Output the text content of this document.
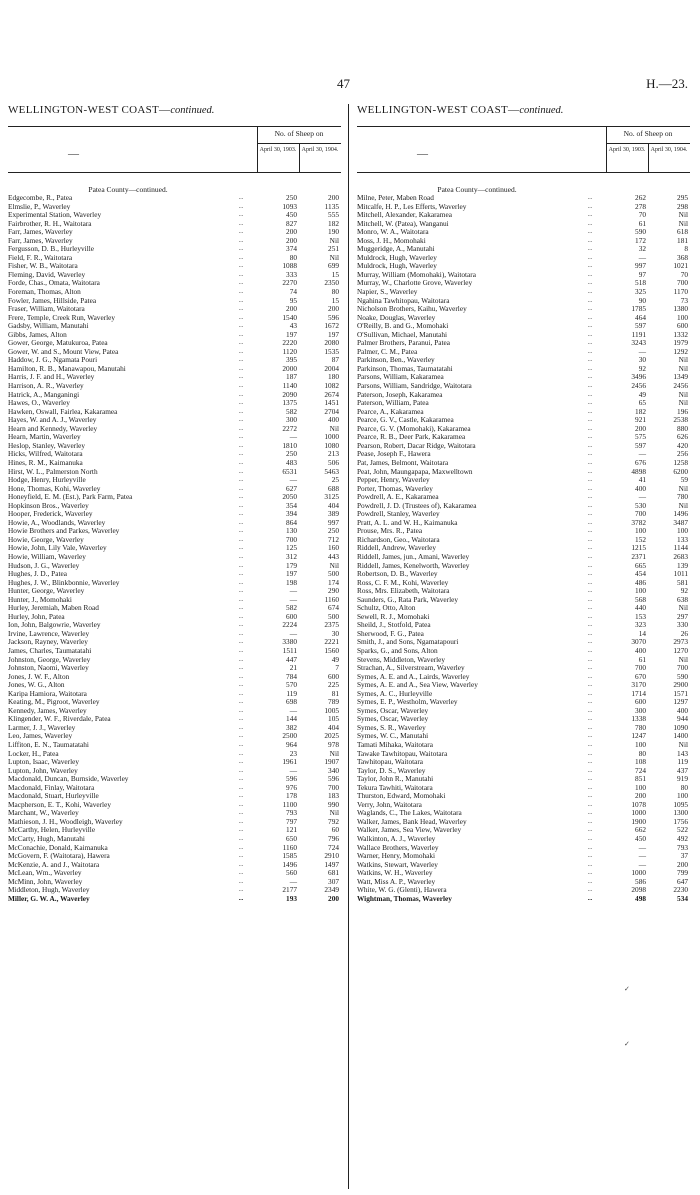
47	H.—23.
WELLINGTON-WEST COAST—continued.
—
No. of Sheep on
April 30, 1903. April 30, 1904.
Patea County—continued.
Edgecombe, R., Patea	...	250	200
Elmslie, P., Waverley	...	1093	1135
Experimental Station, Waverley	...	450	555
Fairbrother, R. H., Waitotara	...	827	182
Farr, James, Waverley	...	200	190
Farr, James, Waverley	...	200	Nil
Fergusson, D. B., Hurleyville	...	374	251
Field, F. R., Waitotara	...	80	Nil
Fisher, W. B., Waitotara	...	1088	699
Fleming, David, Waverley	...	333	15
Forde, Chas., Omata, Waitotara	...	2270	2350
Foreman, Thomas, Alton	...	74	80
Fowler, James, Hillside, Patea	...	95	15
Fraser, William, Waitotara	...	200	200
Frere, Temple, Creek Run, Waverley	...	1540	596
Gadsby, William, Manutahi	...	43	1672
Gibbs, James, Alton	...	197	197
Gower, George, Matukuroa, Patea	...	2220	2080
Gower, W. and S., Mount View, Patea	...	1120	1535
Haddow, J. G., Ngamata Pouri	...	395	87
Hamilton, R. B., Manawapou, Manutahi	...	2000	2004
Harris, J. F. and H., Waverley	...	187	180
Harrison, A. R., Waverley	...	1140	1082
Hatrick, A., Manganingi	...	2090	2674
Hawes, O., Waverley	...	1375	1451
Hawken, Oswall, Fairlea, Kakaramea	...	582	2704
Hayes, W. and A. J., Waverley	...	300	400
Hearn and Kennedy, Waverley	...	2272	Nil
Hearn, Martin, Waverley	...	—	1000
Heslop, Stanley, Waverley	...	1810	1080
Hicks, Wilfred, Waitotara	...	250	213
Hines, R. M., Kaimanuka	...	483	506
Hirst, W. L., Palmerston North	...	6531	5463
Hodge, Henry, Hurleyville	...	—	25
Hone, Thomas, Kohi, Waverley	...	627	688
Honeyfield, E. M. (Est.), Park Farm, Patea	...	2050	3125
Hopkinson Bros., Waverley	...	354	404
Hooper, Frederick, Waverley	...	394	389
Howie, A., Woodlands, Waverley	...	864	997
Howie Brothers and Parkes, Waverley	...	130	250
Howie, George, Waverley	...	700	712
Howie, John, Lily Vale, Waverley	...	125	160
Howie, William, Waverley	...	312	443
Hudson, J. G., Waverley	...	179	Nil
Hughes, J. D., Patea	...	197	500
Hughes, J. W., Blinkbonnie, Waverley	...	198	174
Hunter, George, Waverley	...	—	290
Hunter, J., Momohaki	...	—	1160
Hurley, Jeremiah, Maben Road	...	582	674
Hurley, John, Patea	...	600	500
Ion, John, Balgowrie, Waverley	...	2224	2375
Irvine, Lawrence, Waverley	...	—	30
Jackson, Rayney, Waverley	...	3380	2221
James, Charles, Taumatatahi	...	1511	1560
Johnston, George, Waverley	...	447	49
Johnston, Naomi, Waverley	...	21	7
Jones, J. W. F., Alton	...	784	600
Jones, W. G., Alton	...	570	225
Karipa Hamiora, Waitotara	...	119	81
Keating, M., Pigroot, Waverley	...	698	789
Kennedy, James, Waverley	...	—	1005
Klingender, W. F., Riverdale, Patea	...	144	105
Larmer, J. J., Waverley	...	382	404
Leo, James, Waverley	...	2500	2025
Liffiton, E. N., Taumatatahi	...	964	978
Locker, H., Patea	...	23	Nil
Lupton, Isaac, Waverley	...	1961	1907
Lupton, John, Waverley	...	—	340
Macdonald, Duncan, Burnside, Waverley	...	596	596
Macdonald, Finlay, Waitotara	...	976	700
Macdonald, Stuart, Hurleyville	...	178	183
Macpherson, E. T., Kohi, Waverley	...	1100	990
Marchant, W., Waverley	...	793	Nil
Mathieson, J. H., Woodleigh, Waverley	...	797	792
McCarthy, Helen, Hurleyville	...	121	60
McCarty, Hugh, Manutahi	...	650	796
McConachie, Donald, Kaimanuka	...	1160	724
McGovern, F. (Waitotara), Hawera	...	1585	2910
McKenzie, A. and J., Waitotara	...	1496	1497
McLean, Wm., Waverley	...	560	681
McMinn, John, Waverley	...	—	307
Middleton, Hugh, Waverley	...	2177	2349
Miller, G. W. A., Waverley	...	193	200
WELLINGTON-WEST COAST—continued.
—
No. of Sheep on
April 30, 1903. April 30, 1904.
Patea County—continued.
Milne, Peter, Maben Road	...	262	295
Mitcalfe, H. P., Les Efferts, Waverley	...	278	298
Mitchell, Alexander, Kakaramea	...	70	Nil
Mitchell, W. (Patea), Wanganui	...	61	Nil
Monro, W. A., Waitotara	...	590	618
Moss, J. H., Momohaki	...	172	181
Muggeridge, A., Manutahi	...	32	8
Muldrock, Hugh, Waverley	...	—	368
Muldrock, Hugh, Waverley	...	997	1021
Murray, William (Momohaki), Waitotara	...	97	70
Murray, W., Charlotte Grove, Waverley	...	518	700
Napier, S., Waverley	...	325	1170
Ngahina Tawhitopau, Waitotara	...	90	73
Nicholson Brothers, Kaihu, Waverley	...	1785	1380
Noake, Douglas, Waverley	...	464	100
O'Reilly, B. and G., Momohaki	...	597	600
O'Sullivan, Michael, Manutahi	...	1191	1332
Palmer Brothers, Paranui, Patea	...	3243	1979
Palmer, C. M., Patea	...	—	1292
Parkinson, Ben., Waverley	...	30	Nil
Parkinson, Thomas, Taumatatahi	...	92	Nil
Parsons, William, Kakaramea	...	3496	1349
Parsons, William, Sandridge, Waitotara	...	2456	2456
Paterson, Joseph, Kakaramea	...	49	Nil
Paterson, William, Patea	...	65	Nil
Pearce, A., Kakaramea	...	182	196
Pearce, G. V., Castle, Kakaramea	...	921	2538
Pearce, G. V. (Momohaki), Kakaramea	...	200	880
Pearce, R. B., Deer Park, Kakaramea	...	575	626
Pearson, Robert, Dacar Ridge, Waitotara	...	597	420
Pease, Joseph F., Hawera	...	—	256
Pat, James, Belmont, Waitotara	...	676	1258
Peat, John, Maungapapa, Maxwelltown	...	4898	6200
Pepper, Henry, Waverley	...	41	59
Porter, Thomas, Waverley	...	400	Nil
Powdrell, A. E., Kakaramea	...	—	780
Powdrell, J. D. (Trustees of), Kakaramea	...	530	Nil
Powdrell, Stanley, Waverley	...	700	1496
Pratt, A. L. and W. H., Kaimanuka	...	3782	3487
Prouse, Mrs. R., Patea	...	100	100
Richardson, Geo., Waitotara	...	152	133
Riddell, Andrew, Waverley	...	1215	1144
Riddell, James, jun., Amani, Waverley	...	2371	2683
Riddell, James, Kenelworth, Waverley	...	665	139
Robertson, D. B., Waverley	...	454	1011
Ross, C. F. M., Kohi, Waverley	...	486	581
Ross, Mrs. Elizabeth, Waitotara	...	100	92
Saunders, G., Rata Park, Waverley	...	568	638
Schultz, Otto, Alton	...	440	Nil
Sewell, R. J., Momohaki	...	153	297
Sheild, J., Stotfold, Patea	...	323	330
Sherwood, F. G., Patea	...	14	26
Smith, J., and Sons, Ngamatapouri	...	3070	2973
Sparks, G., and Sons, Alton	...	400	1270
Stevens, Middleton, Waverley	...	61	Nil
Strachan, A., Silverstream, Waverley	...	700	700
Symes, A. E. and A., Lairds, Waverley	...	670	590
Symes, A. E. and A., Sea View, Waverley	...	3170	2900
Symes, A. C., Hurleyville	...	1714	1571
Symes, E. P., Westholm, Waverley	...	600	1297
Symes, Oscar, Waverley	...	300	400
Symes, Oscar, Waverley	...	1338	944
Symes, S. R., Waverley	...	780	1090
Symes, W. C., Manutahi	...	1247	1400
Tamati Mihaka, Waitotara	...	100	Nil
Tawake Tawhitopau, Waitotara	...	80	143
Tawhitopau, Waitotara	...	108	119
Taylor, D. S., Waverley	...	724	437
Taylor, John R., Manutahi	...	851	919
Tekura Tawhiti, Waitotara	...	100	80
Thurston, Edward, Momohaki	...	200	100
Verry, John, Waitotara	...	1078	1095
Waglands, C., The Lakes, Waitotara	...	1000	1300
Walker, James, Bank Head, Waverley	...	1900	1756
Walker, James, Sea View, Waverley	...	662	522
Walkinton, A. J., Waverley	...	450	492
Wallace Brothers, Waverley	...	—	793
Warner, Henry, Momohaki	...	—	37
Watkins, Stewart, Waverley	...	—	200
Watkins, W. H., Waverley	...	1000	799
Watt, Miss A. P., Waverley	...	586	647
White, W. G. (Glenti), Hawera	...	2098	2230
Wightman, Thomas, Waverley	...	498	534
✓
✓
